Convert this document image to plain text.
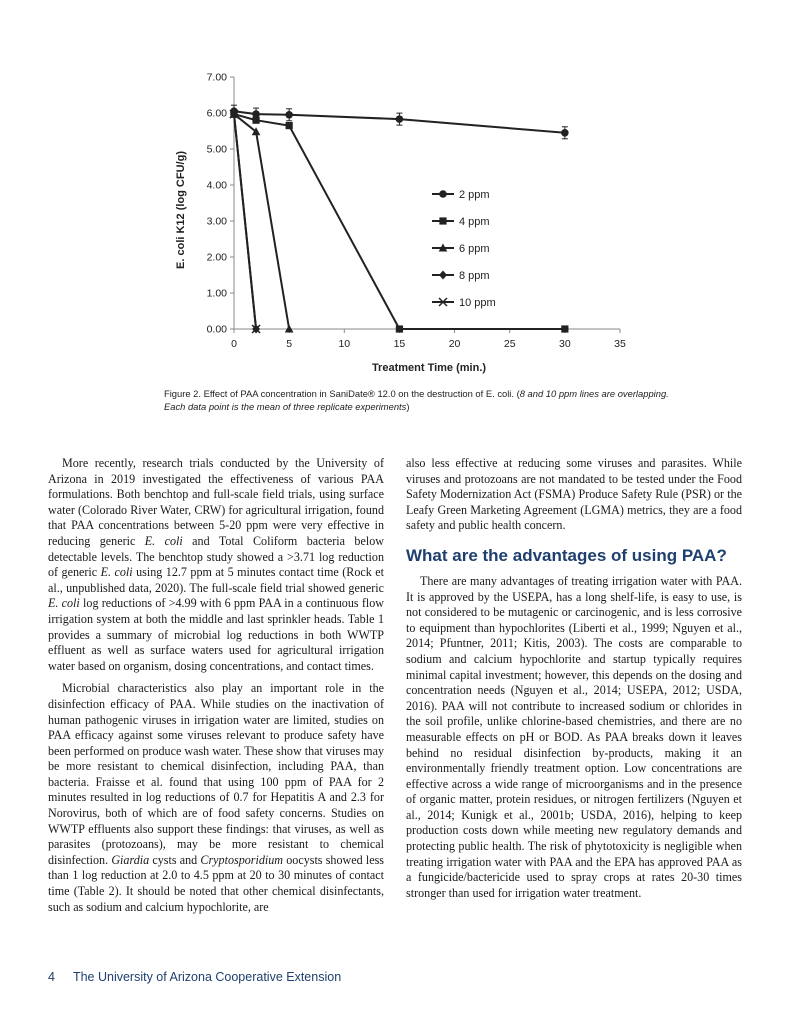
0.00
1.00
2.00
3.00
4.00
5.00
6.00
7.00
0	5	10	15	20	25	30	35
2 ppm
4 ppm
6 ppm
8 ppm
10 ppm
Treatment Time (min.)
E. coli K12 (log CFU/g)
Figure 2. Effect of PAA concentration in SaniDate® 12.0 on the destruction of E. coli. (8 and 10 ppm lines are overlapping. Each data point is the mean of three replicate experiments)

More recently, research trials conducted by the University of Arizona in 2019 investigated the effectiveness of various PAA formulations. Both benchtop and full-scale field trials, using surface water (Colorado River Water, CRW) for agricultural irrigation, found that PAA concentrations between 5-20 ppm were very effective in reducing generic E. coli and Total Coliform bacteria below detectable levels. The benchtop study showed a >3.71 log reduction of generic E. coli using 12.7 ppm at 5 minutes contact time (Rock et al., unpublished data, 2020). The full-scale field trial showed generic E. coli log reductions of >4.99 with 6 ppm PAA in a continuous flow irrigation system at both the middle and last sprinkler heads. Table 1 provides a summary of microbial log reductions in both WWTP effluent as well as surface waters used for agricultural irrigation water based on organism, dosing concentrations, and contact times.

Microbial characteristics also play an important role in the disinfection efficacy of PAA. While studies on the inactivation of human pathogenic viruses in irrigation water are limited, studies on PAA efficacy against some viruses relevant to produce safety have been performed on produce wash water. These show that viruses may be more resistant to chemical disinfection, including PAA, than bacteria. Fraisse et al. found that using 100 ppm of PAA for 2 minutes resulted in log reductions of 0.7 for Hepatitis A and 2.3 for Norovirus, both of which are of food safety concerns. Studies on WWTP effluents also support these findings: that viruses, as well as parasites (protozoans), may be more resistant to chemical disinfection. Giardia cysts and Cryptosporidium oocysts showed less than 1 log reduction at 2.0 to 4.5 ppm at 20 to 30 minutes of contact time (Table 2). It should be noted that other chemical disinfectants, such as sodium and calcium hypochlorite, are

also less effective at reducing some viruses and parasites. While viruses and protozoans are not mandated to be tested under the Food Safety Modernization Act (FSMA) Produce Safety Rule (PSR) or the Leafy Green Marketing Agreement (LGMA) metrics, they are a food safety and public health concern.

What are the advantages of using PAA?

There are many advantages of treating irrigation water with PAA. It is approved by the USEPA, has a long shelf-life, is easy to use, is not considered to be mutagenic or carcinogenic, and is less corrosive to equipment than hypochlorites (Liberti et al., 1999; Nguyen et al., 2014; Pfuntner, 2011; Kitis, 2003). The costs are comparable to sodium and calcium hypochlorite and startup typically requires minimal capital investment; however, this depends on the dosing and concentration needs (Nguyen et al., 2014; USEPA, 2012; USDA, 2016). PAA will not contribute to increased sodium or chlorides in the soil profile, unlike chlorine-based chemistries, and there are no measurable effects on pH or BOD. As PAA breaks down it leaves behind no residual disinfection by-products, making it an environmentally friendly treatment option. Low concentrations are effective across a wide range of microorganisms and in the presence of organic matter, protein residues, or nitrogen fertilizers (Nguyen et al., 2014; Kunigk et al., 2001b; USDA, 2016), helping to keep production costs down while meeting new regulatory demands and protecting public health. The risk of phytotoxicity is negligible when treating irrigation water with PAA and the EPA has approved PAA as a fungicide/bactericide used to spray crops at rates 20-30 times stronger than used for irrigation water treatment.

4 The University of Arizona Cooperative Extension
